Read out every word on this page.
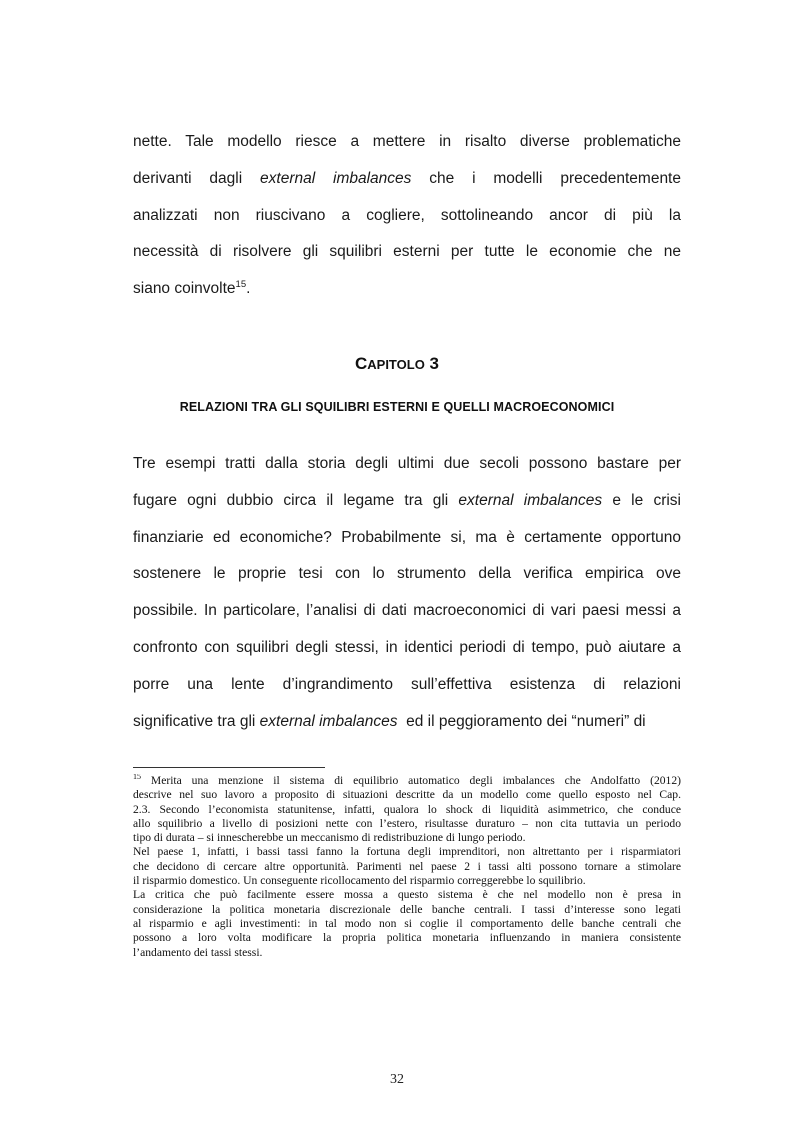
nette. Tale modello riesce a mettere in risalto diverse problematiche
derivanti dagli external imbalances che i modelli precedentemente
analizzati non riuscivano a cogliere, sottolineando ancor di più la
necessità di risolvere gli squilibri esterni per tutte le economie che ne
siano coinvolte$^{15}$.
CAPITOLO 3
RELAZIONI TRA GLI SQUILIBRI ESTERNI E QUELLI MACROECONOMICI
Tre esempi tratti dalla storia degli ultimi due secoli possono bastare per
fugare ogni dubbio circa il legame tra gli external imbalances e le crisi
finanziarie ed economiche? Probabilmente si, ma è certamente opportuno
sostenere le proprie tesi con lo strumento della verifica empirica ove
possibile. In particolare, l’analisi di dati macroeconomici di vari paesi messi a
confronto con squilibri degli stessi, in identici periodi di tempo, può aiutare a
porre una lente d’ingrandimento sull’effettiva esistenza di relazioni
significative tra gli external imbalances  ed il peggioramento dei “numeri” di
$^{15}$ Merita una menzione il sistema di equilibrio automatico degli imbalances che Andolfatto (2012)
descrive nel suo lavoro a proposito di situazioni descritte da un modello come quello esposto nel Cap.
2.3. Secondo l’economista statunitense, infatti, qualora lo shock di liquidità asimmetrico, che conduce
allo squilibrio a livello di posizioni nette con l’estero, risultasse duraturo – non cita tuttavia un periodo
tipo di durata – si innescherebbe un meccanismo di redistribuzione di lungo periodo.
Nel paese 1, infatti, i bassi tassi fanno la fortuna degli imprenditori, non altrettanto per i risparmiatori
che decidono di cercare altre opportunità. Parimenti nel paese 2 i tassi alti possono tornare a stimolare
il risparmio domestico. Un conseguente ricollocamento del risparmio correggerebbe lo squilibrio.
La critica che può facilmente essere mossa a questo sistema è che nel modello non è presa in
considerazione la politica monetaria discrezionale delle banche centrali. I tassi d’interesse sono legati
al risparmio e agli investimenti: in tal modo non si coglie il comportamento delle banche centrali che
possono a loro volta modificare la propria politica monetaria influenzando in maniera consistente
l’andamento dei tassi stessi.
32
